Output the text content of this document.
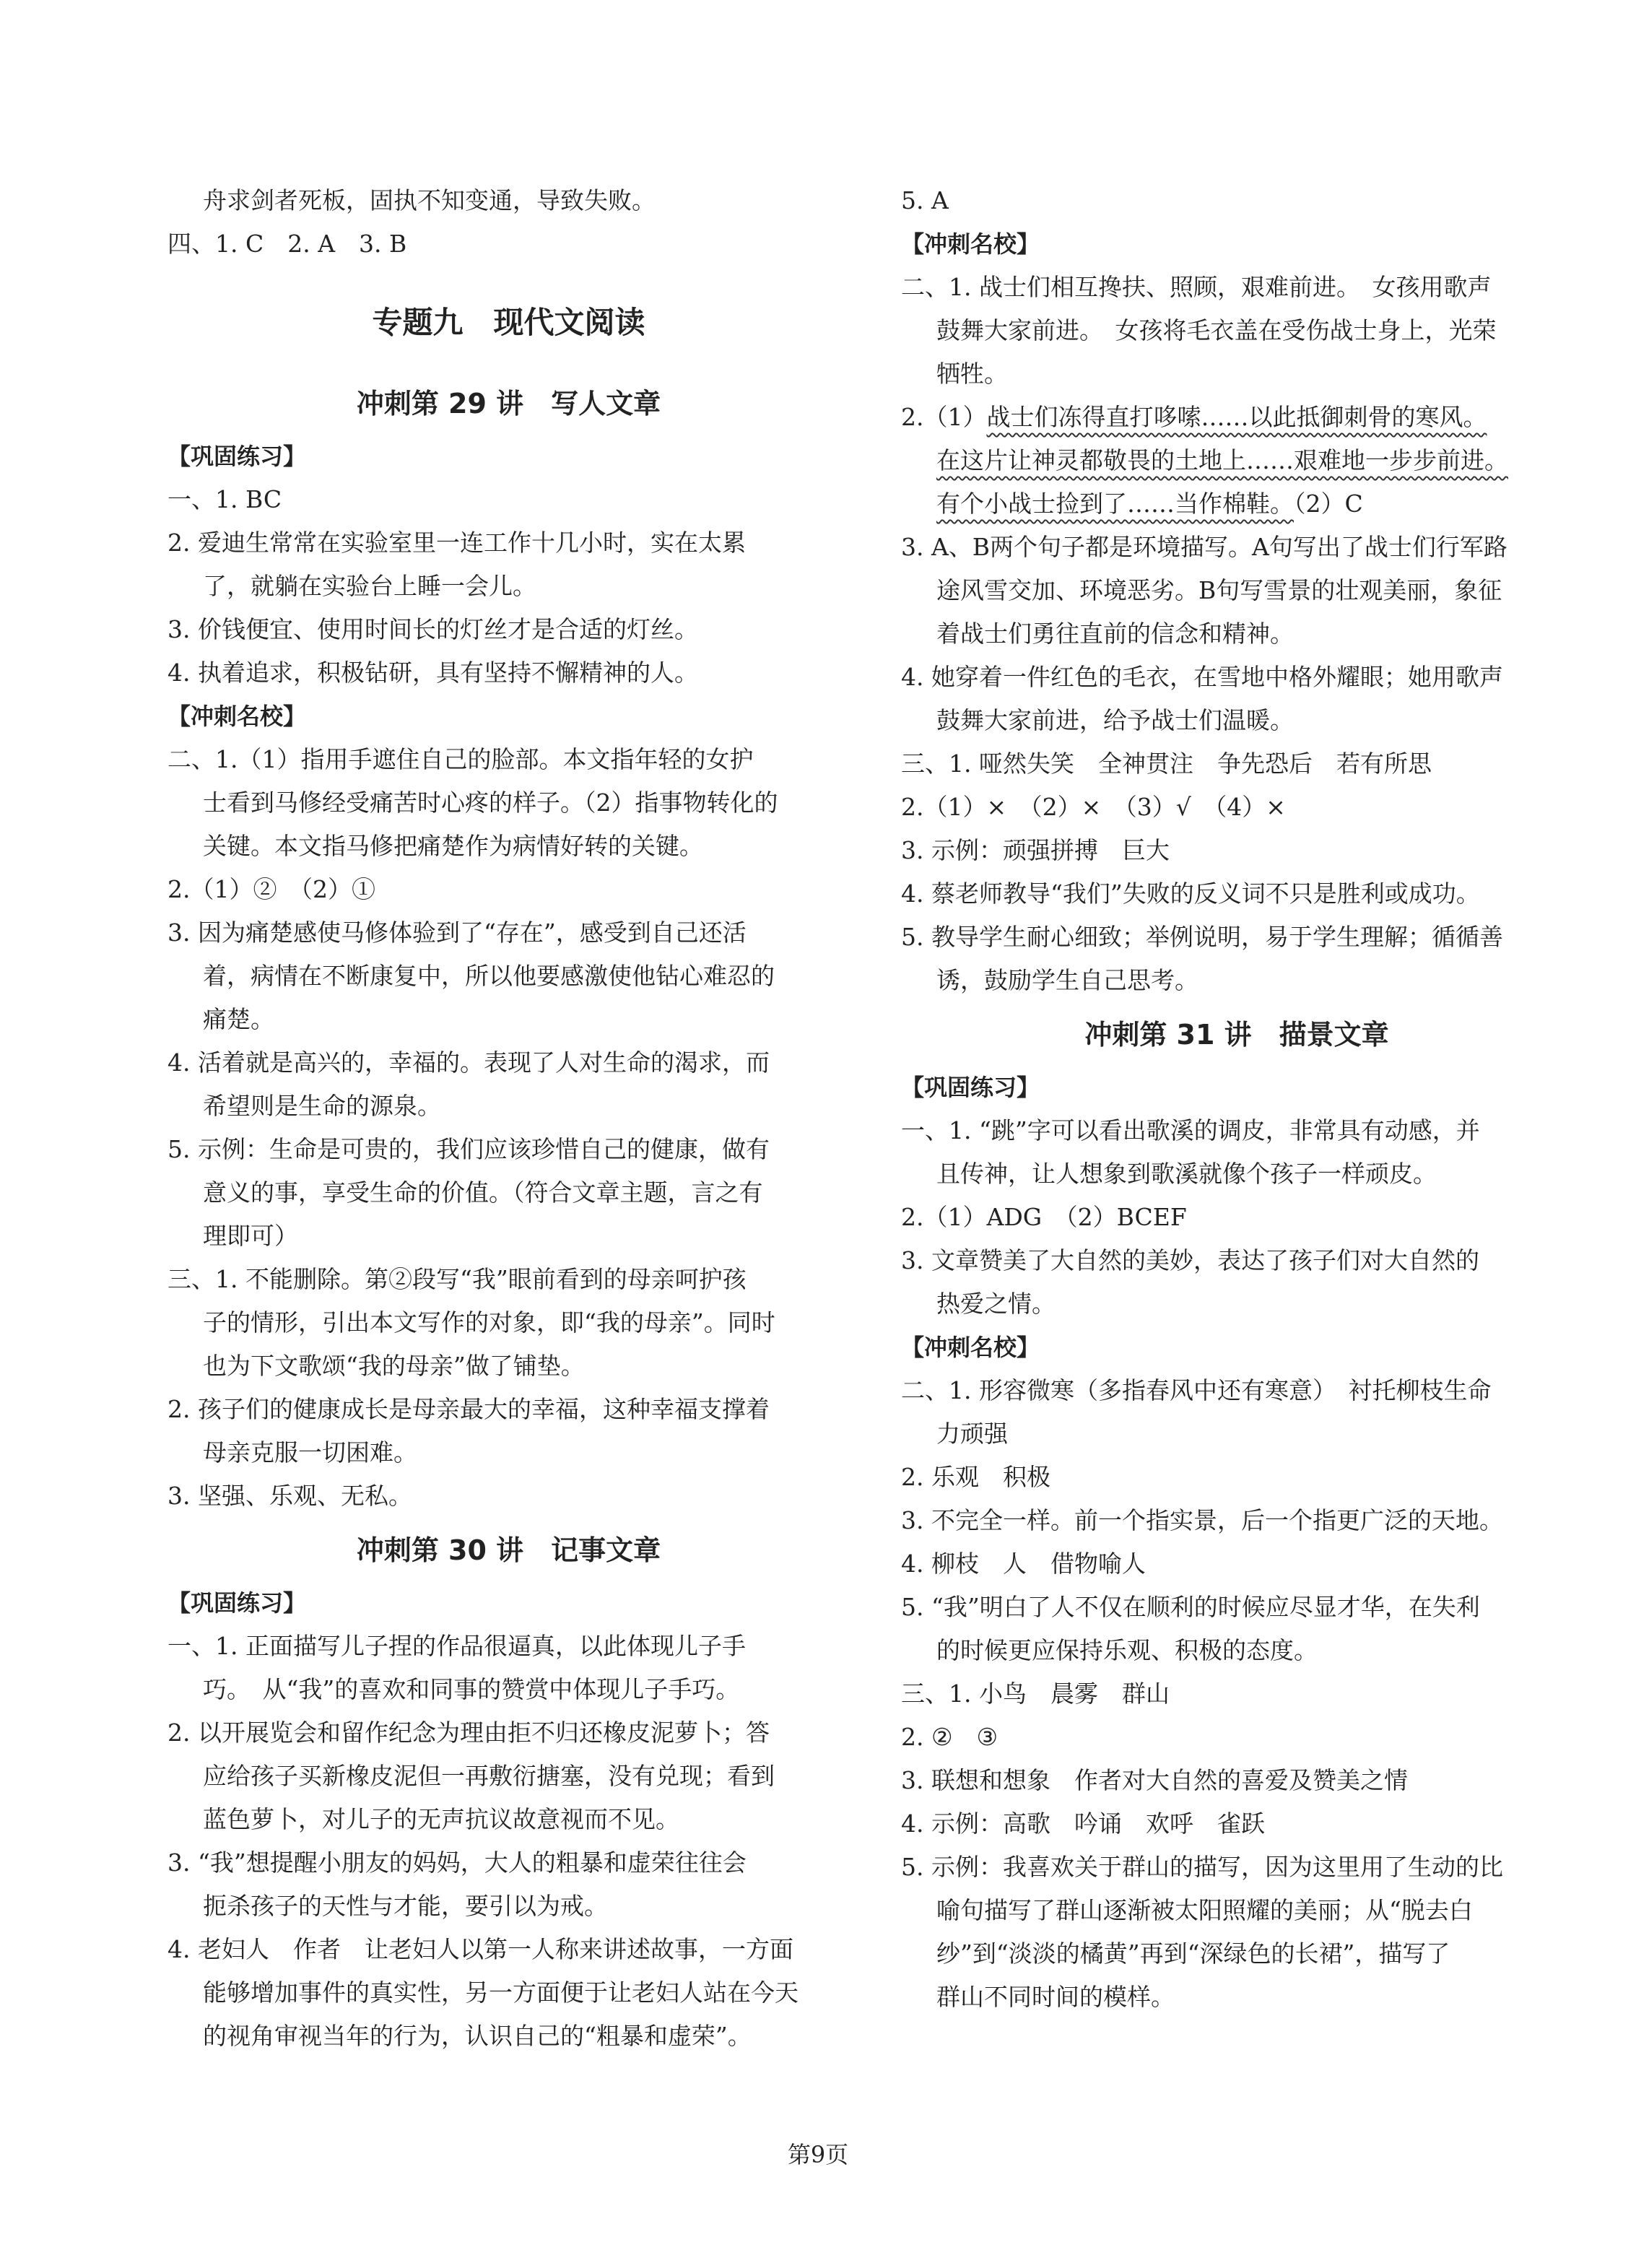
舟求剑者死板，固执不知变通，导致失败。
四、1. C　2. A　3. B
专题九　现代文阅读
冲刺第 29 讲　写人文章
【巩固练习】
一、1. BC
2. 爱迪生常常在实验室里一连工作十几小时，实在太累
了，就躺在实验台上睡一会儿。
3. 价钱便宜、使用时间长的灯丝才是合适的灯丝。
4. 执着追求，积极钻研，具有坚持不懈精神的人。
【冲刺名校】
二、1.（1）指用手遮住自己的脸部。本文指年轻的女护
士看到马修经受痛苦时心疼的样子。（2）指事物转化的
关键。本文指马修把痛楚作为病情好转的关键。
2.（1）②　（2）①
3. 因为痛楚感使马修体验到了“存在”，感受到自己还活
着，病情在不断康复中，所以他要感激使他钻心难忍的
痛楚。
4. 活着就是高兴的，幸福的。表现了人对生命的渴求，而
希望则是生命的源泉。
5. 示例：生命是可贵的，我们应该珍惜自己的健康，做有
意义的事，享受生命的价值。（符合文章主题，言之有
理即可）
三、1. 不能删除。第②段写“我”眼前看到的母亲呵护孩
子的情形，引出本文写作的对象，即“我的母亲”。同时
也为下文歌颂“我的母亲”做了铺垫。
2. 孩子们的健康成长是母亲最大的幸福，这种幸福支撑着
母亲克服一切困难。
3. 坚强、乐观、无私。
冲刺第 30 讲　记事文章
【巩固练习】
一、1. 正面描写儿子捏的作品很逼真，以此体现儿子手
巧。　从“我”的喜欢和同事的赞赏中体现儿子手巧。
2. 以开展览会和留作纪念为理由拒不归还橡皮泥萝卜；答
应给孩子买新橡皮泥但一再敷衍搪塞，没有兑现；看到
蓝色萝卜，对儿子的无声抗议故意视而不见。
3. “我”想提醒小朋友的妈妈，大人的粗暴和虚荣往往会
扼杀孩子的天性与才能，要引以为戒。
4. 老妇人　作者　让老妇人以第一人称来讲述故事，一方面
能够增加事件的真实性，另一方面便于让老妇人站在今天
的视角审视当年的行为，认识自己的“粗暴和虚荣”。
5. A
【冲刺名校】
二、1. 战士们相互搀扶、照顾，艰难前进。　女孩用歌声
鼓舞大家前进。　女孩将毛衣盖在受伤战士身上，光荣
牺牲。
2.（1）战士们冻得直打哆嗦……以此抵御刺骨的寒风。
在这片让神灵都敬畏的土地上……艰难地一步步前进。
有个小战士捡到了……当作棉鞋。（2）C
3. A、B两个句子都是环境描写。A句写出了战士们行军路
途风雪交加、环境恶劣。B句写雪景的壮观美丽，象征
着战士们勇往直前的信念和精神。
4. 她穿着一件红色的毛衣，在雪地中格外耀眼；她用歌声
鼓舞大家前进，给予战士们温暖。
三、1. 哑然失笑　全神贯注　争先恐后　若有所思
2.（1）×　（2）×　（3）√　（4）×
3. 示例：顽强拼搏　巨大
4. 蔡老师教导“我们”失败的反义词不只是胜利或成功。
5. 教导学生耐心细致；举例说明，易于学生理解；循循善
诱，鼓励学生自己思考。
冲刺第 31 讲　描景文章
【巩固练习】
一、1. “跳”字可以看出歌溪的调皮，非常具有动感，并
且传神，让人想象到歌溪就像个孩子一样顽皮。
2.（1）ADG　（2）BCEF
3. 文章赞美了大自然的美妙，表达了孩子们对大自然的
热爱之情。
【冲刺名校】
二、1. 形容微寒（多指春风中还有寒意）　衬托柳枝生命
力顽强
2. 乐观　积极
3. 不完全一样。前一个指实景，后一个指更广泛的天地。
4. 柳枝　人　借物喻人
5. “我”明白了人不仅在顺利的时候应尽显才华，在失利
的时候更应保持乐观、积极的态度。
三、1. 小鸟　晨雾　群山
2. ②　③
3. 联想和想象　作者对大自然的喜爱及赞美之情
4. 示例：高歌　吟诵　欢呼　雀跃
5. 示例：我喜欢关于群山的描写，因为这里用了生动的比
喻句描写了群山逐渐被太阳照耀的美丽；从“脱去白
纱”到“淡淡的橘黄”再到“深绿色的长裙”，描写了
群山不同时间的模样。
第9页
